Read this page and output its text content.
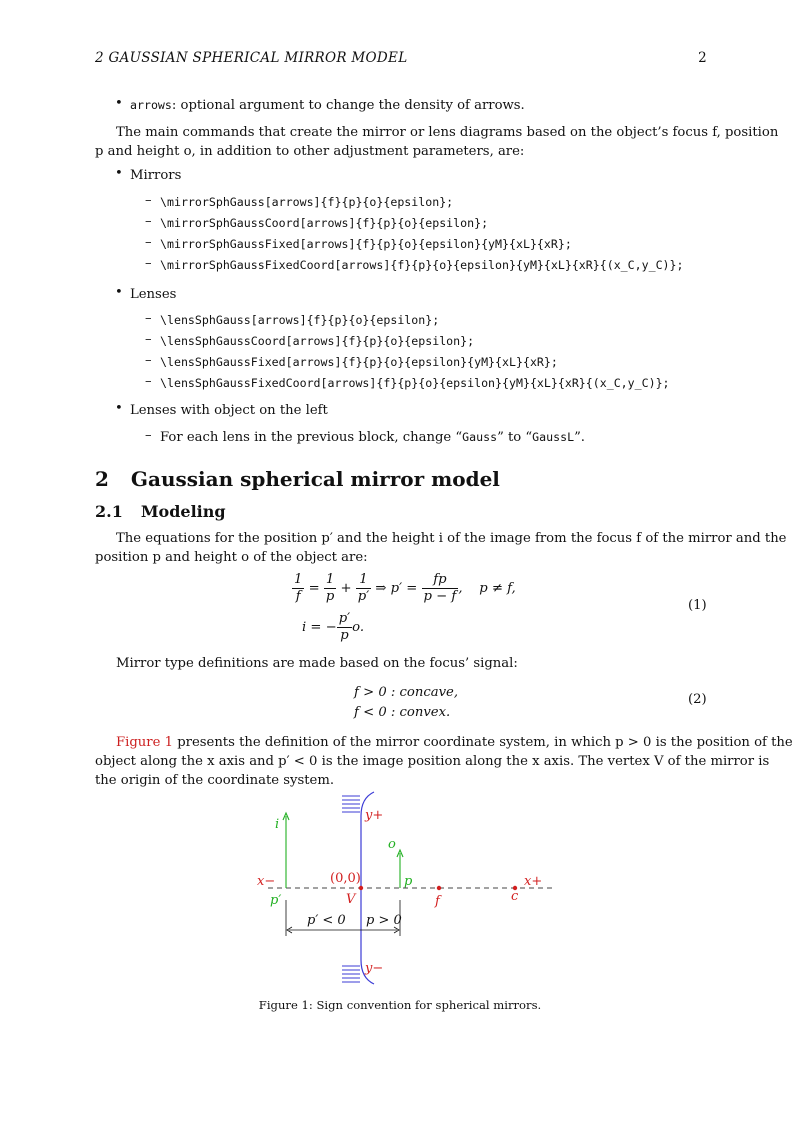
2 GAUSSIAN SPHERICAL MIRROR MODEL	2
• arrows: optional argument to change the density of arrows.
The main commands that create the mirror or lens diagrams based on the object’s focus f, position
p and height o, in addition to other adjustment parameters, are:
• Mirrors
– \mirrorSphGauss[arrows]{f}{p}{o}{epsilon};
– \mirrorSphGaussCoord[arrows]{f}{p}{o}{epsilon};
– \mirrorSphGaussFixed[arrows]{f}{p}{o}{epsilon}{yM}{xL}{xR};
– \mirrorSphGaussFixedCoord[arrows]{f}{p}{o}{epsilon}{yM}{xL}{xR}{(x_C,y_C)};
• Lenses
– \lensSphGauss[arrows]{f}{p}{o}{epsilon};
– \lensSphGaussCoord[arrows]{f}{p}{o}{epsilon};
– \lensSphGaussFixed[arrows]{f}{p}{o}{epsilon}{yM}{xL}{xR};
– \lensSphGaussFixedCoord[arrows]{f}{p}{o}{epsilon}{yM}{xL}{xR}{(x_C,y_C)};
• Lenses with object on the left
– For each lens in the previous block, change “Gauss” to “GaussL”.
2 Gaussian spherical mirror model
2.1 Modeling
The equations for the position p′ and the height i of the image from the focus f of the mirror and the
position p and height o of the object are:
$\frac{1}{f} = \frac{1}{p} + \frac{1}{p'}$ ⇒ $p' = \frac{fp}{p - f}$ ,    p ≠ f,
i = − $\frac{p'}{p} o$.
(1)
Mirror type definitions are made based on the focus’ signal:
f > 0 : concave,
f < 0 : convex.
(2)
Figure 1 presents the definition of the mirror coordinate system, in which p > 0 is the position of the
object along the x axis and p′ < 0 is the image position along the x axis. The vertex V of the mirror is
the origin of the coordinate system.
y+
y−
x−	x+
(0,0)
V	f	c
o
p
i
p′
p′ < 0 p > 0
Figure 1: Sign convention for spherical mirrors.
